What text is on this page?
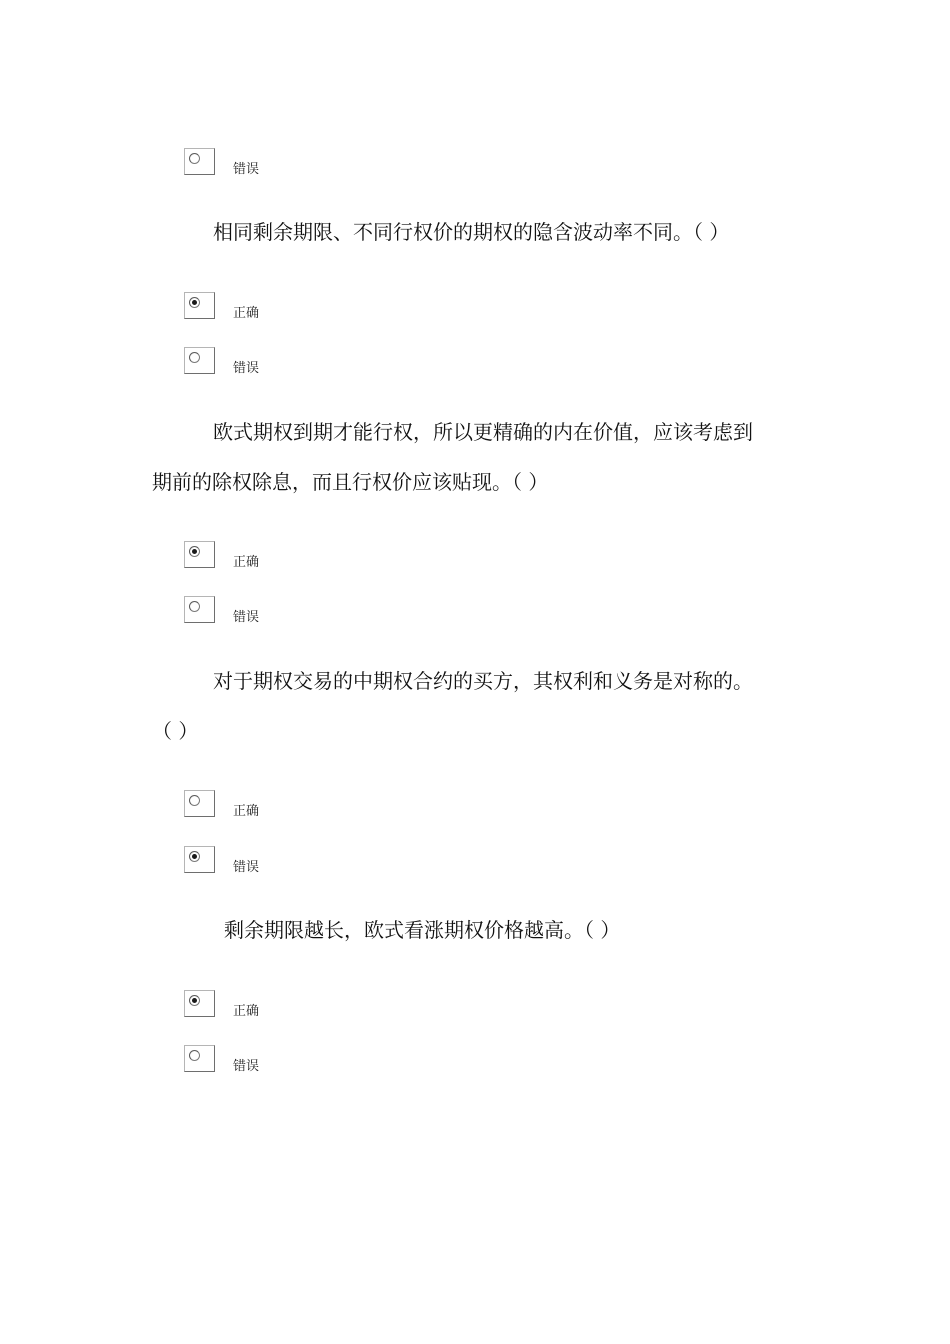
错误
相同剩余期限、不同行权价的期权的隐含波动率不同。（ ）
正确
错误
欧式期权到期才能行权，所以更精确的内在价值，应该考虑到
期前的除权除息，而且行权价应该贴现。（ ）
正确
错误
对于期权交易的中期权合约的买方，其权利和义务是对称的。
（ ）
正确
错误
剩余期限越长，欧式看涨期权价格越高。（ ）
正确
错误
